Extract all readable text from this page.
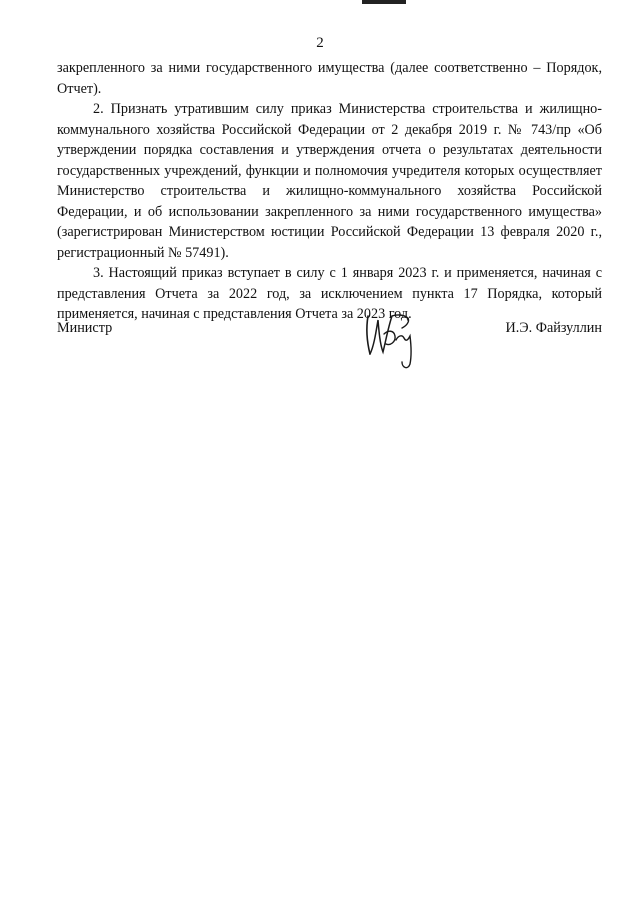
2

закрепленного за ними государственного имущества (далее соответственно – Порядок, Отчет).

2. Признать утратившим силу приказ Министерства строительства и жилищно-коммунального хозяйства Российской Федерации от 2 декабря 2019 г. № 743/пр «Об утверждении порядка составления и утверждения отчета о результатах деятельности государственных учреждений, функции и полномочия учредителя которых осуществляет Министерство строительства и жилищно-коммунального хозяйства Российской Федерации, и об использовании закрепленного за ними государственного имущества» (зарегистрирован Министерством юстиции Российской Федерации 13 февраля 2020 г., регистрационный № 57491).

3. Настоящий приказ вступает в силу с 1 января 2023 г. и применяется, начиная с представления Отчета за 2022 год, за исключением пункта 17 Порядка, который применяется, начиная с представления Отчета за 2023 год.

Министр	И.Э. Файзуллин
